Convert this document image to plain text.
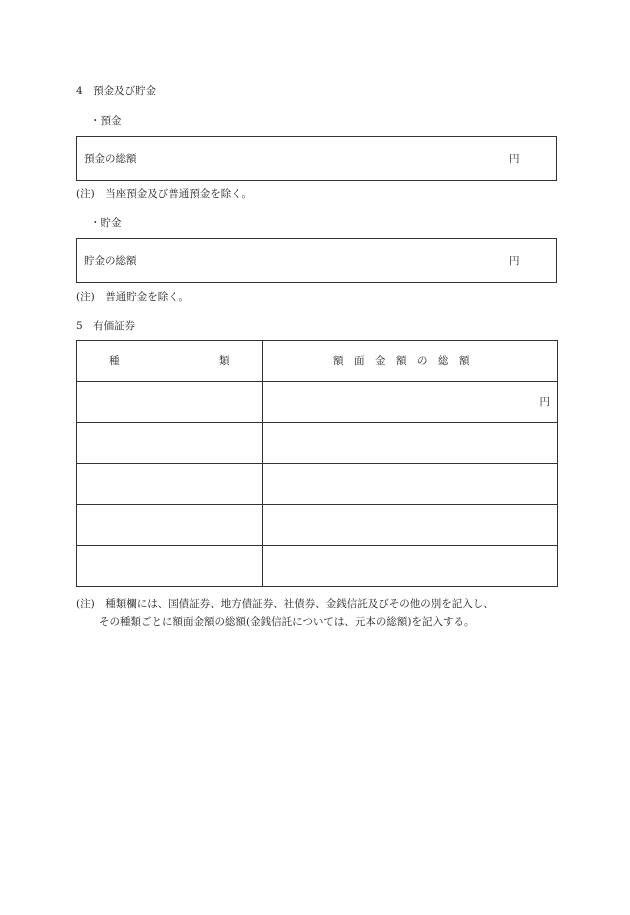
4　預金及び貯金
・預金
預金の総額	円
(注)　当座預金及び普通預金を除く。
・貯金
貯金の総額	円
(注)　普通貯金を除く。
5　有価証券
種 類	額　面　金　額　の　総　額

	円

(注)　種類欄には、国債証券、地方債証券、社債券、金銭信託及びその他の別を記入し、
その種類ごとに額面金額の総額(金銭信託については、元本の総額)を記入する。
